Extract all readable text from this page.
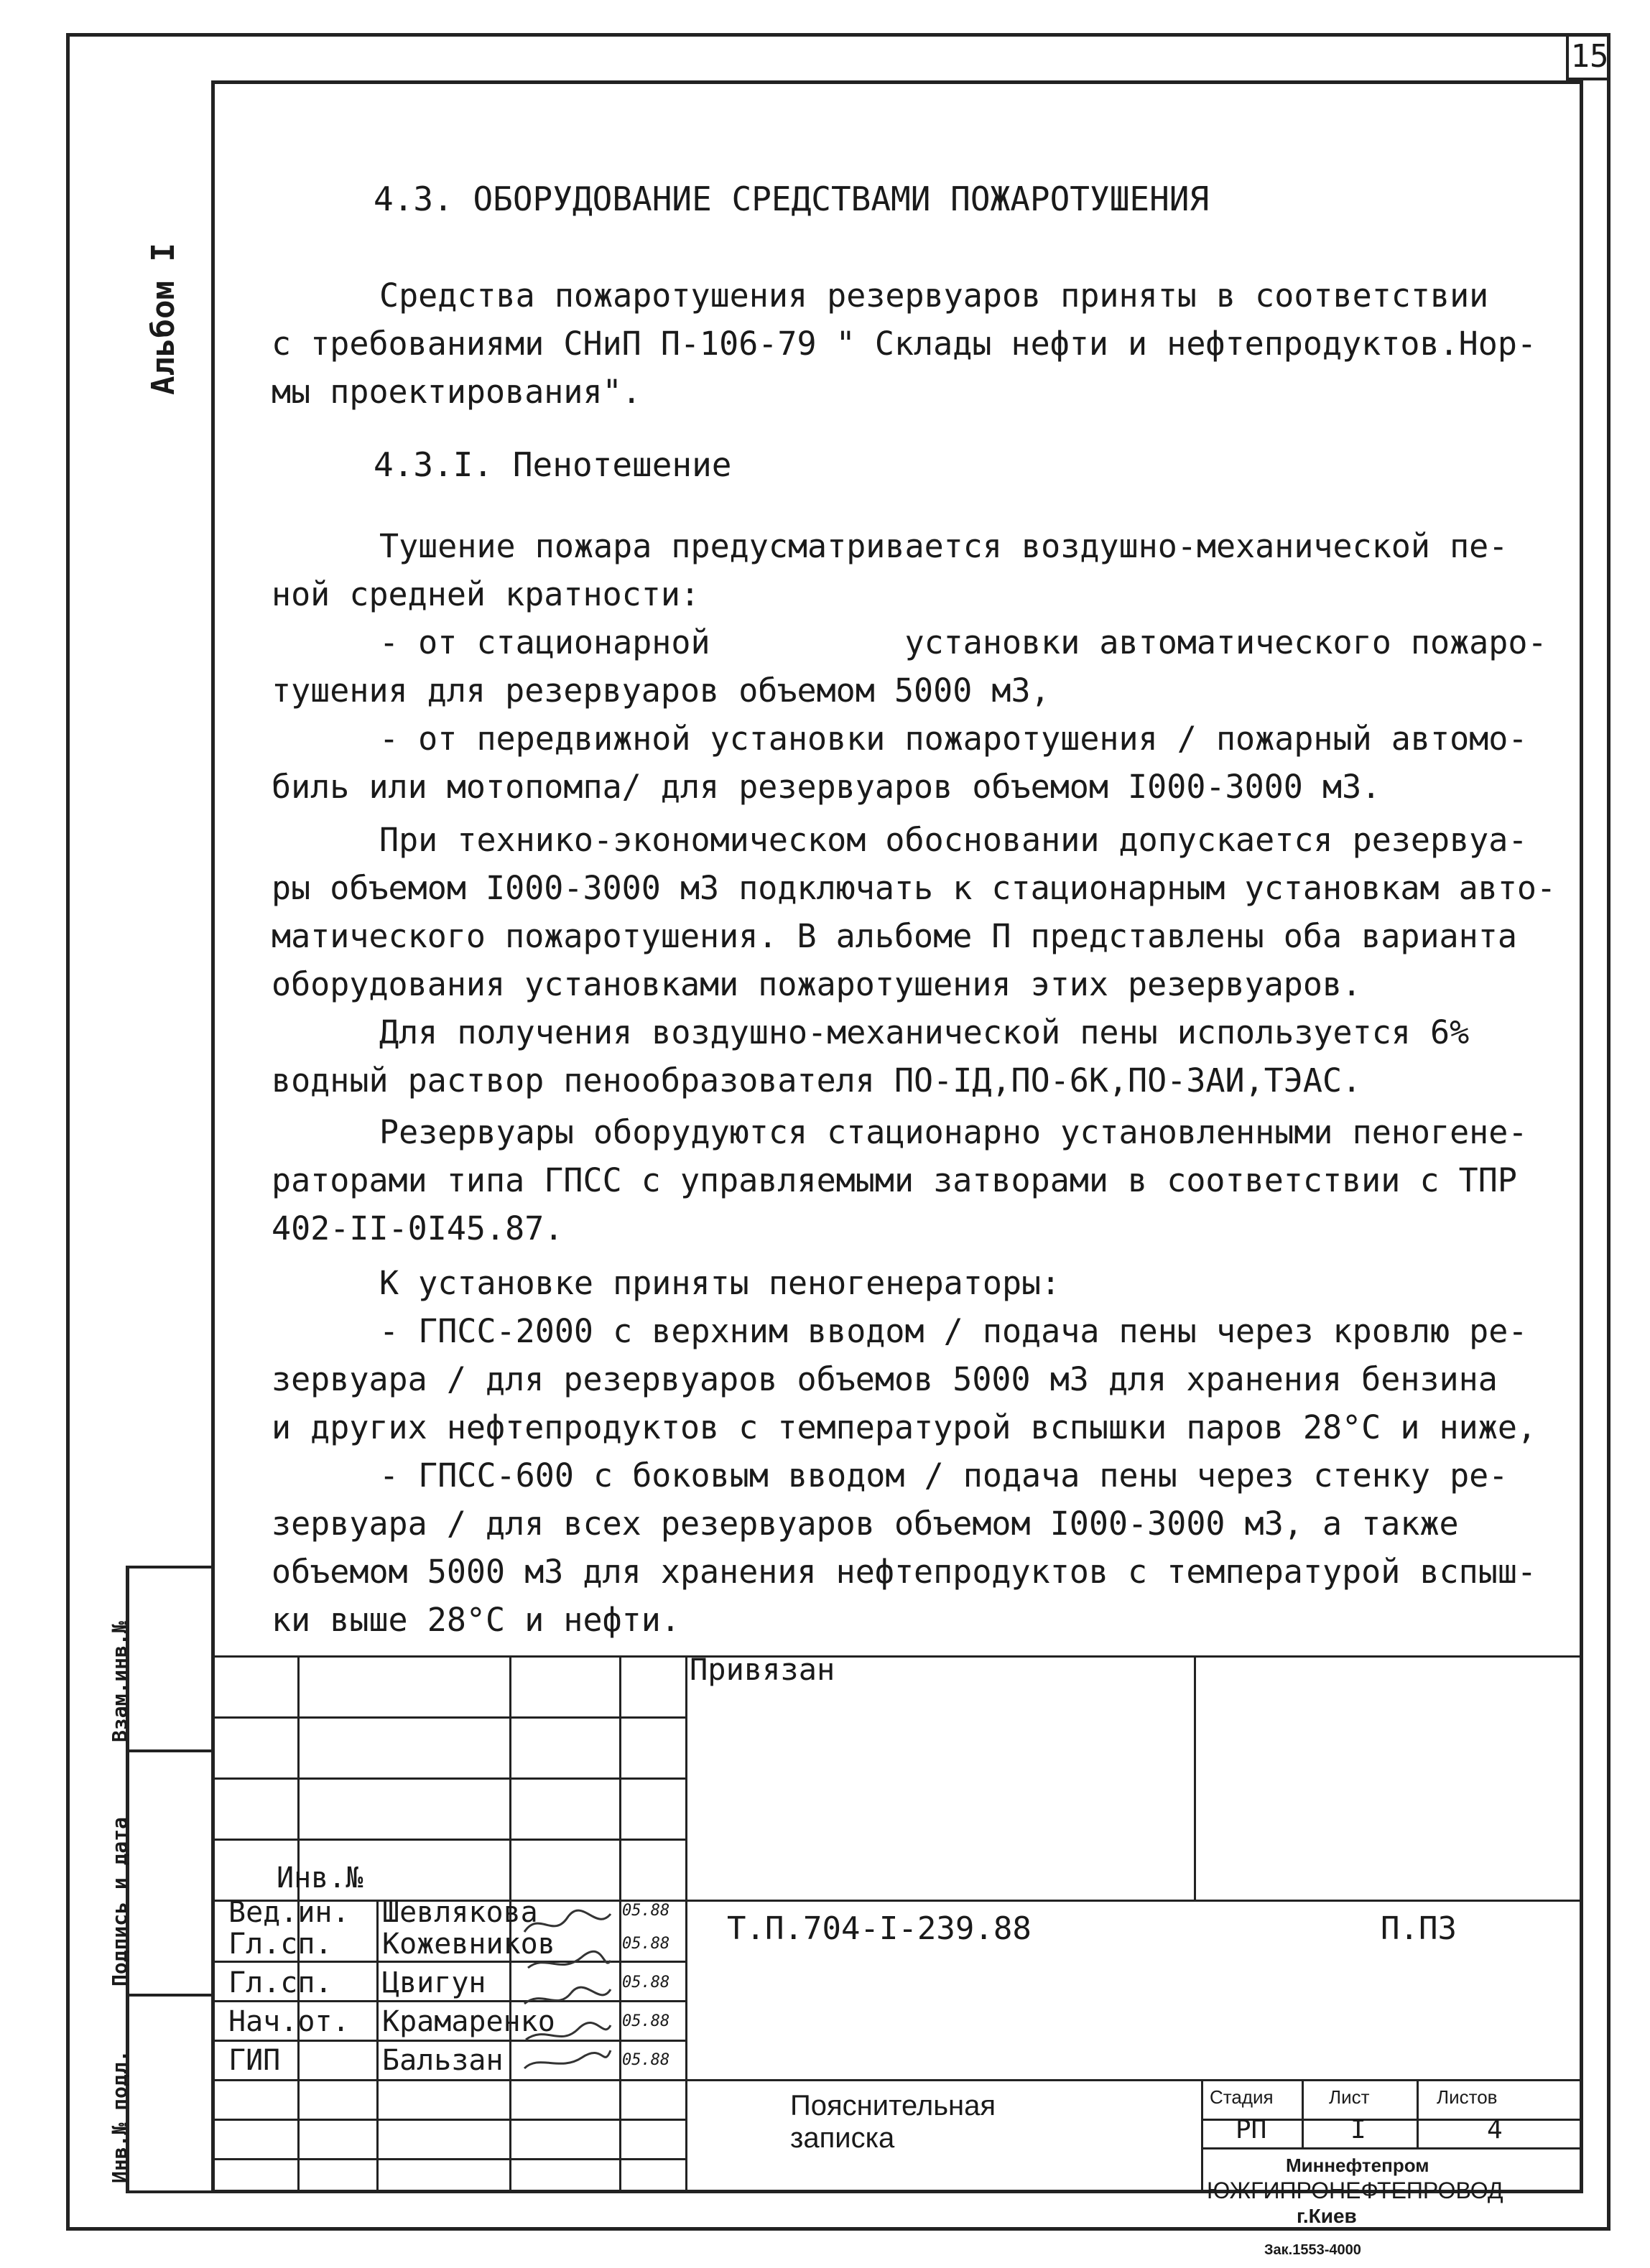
15
Альбом I
4.3. ОБОРУДОВАНИЕ СРЕДСТВАМИ ПОЖАРОТУШЕНИЯ
Средства пожаротушения резервуаров приняты в соответствии
с требованиями СНиП П-106-79 " Склады нефти и нефтепродуктов.Нор-
мы проектирования".
4.3.I. Пенотешение
Тушение пожара предусматривается воздушно-механической пе-
ной средней кратности:
- от стационарной          установки автоматического пожаро-
тушения для резервуаров объемом 5000 м3,
- от передвижной установки пожаротушения / пожарный автомо-
биль или мотопомпа/ для резервуаров объемом I000-3000 м3.
При технико-экономическом обосновании допускается резервуа-
ры объемом I000-3000 м3 подключать к стационарным установкам авто-
матического пожаротушения. В альбоме П представлены оба варианта
оборудования установками пожаротушения этих резервуаров.
Для получения воздушно-механической пены используется 6%
водный раствор пенообразователя ПО-IД,ПО-6К,ПО-ЗАИ,ТЭАС.
Резервуары оборудуются стационарно установленными пеногене-
раторами типа ГПСС с управляемыми затворами в соответствии с ТПР
402-II-0I45.87.
К установке приняты пеногенераторы:
- ГПСС-2000 с верхним вводом / подача пены через кровлю ре-
зервуара / для резервуаров объемов 5000 м3 для хранения бензина
и других нефтепродуктов с температурой вспышки паров 28°С и ниже,
- ГПСС-600 с боковым вводом / подача пены через стенку ре-
зервуара / для всех резервуаров объемом I000-3000 м3, а также
объемом 5000 м3 для хранения нефтепродуктов с температурой вспыш-
ки выше 28°С и нефти.
Взам.инв.№
Подпись и дата
Инв.№ подл.
Привязан
Инв.№
Вед.ин. Шевлякова	05.88
Гл.сп. Кожевников	05.88
Гл.сп. Цвигун	05.88
Нач.от. Крамаренко	05.88
ГИП	Бальзан	05.88
Т.П.704-I-239.88	П.ПЗ
Пояснительная
записка
Стадия	Лист	Листов
РП	I	4
Миннефтепром
ЮЖГИПРОНЕФТЕПРОВОД
г.Киев
Зак.1553-4000
